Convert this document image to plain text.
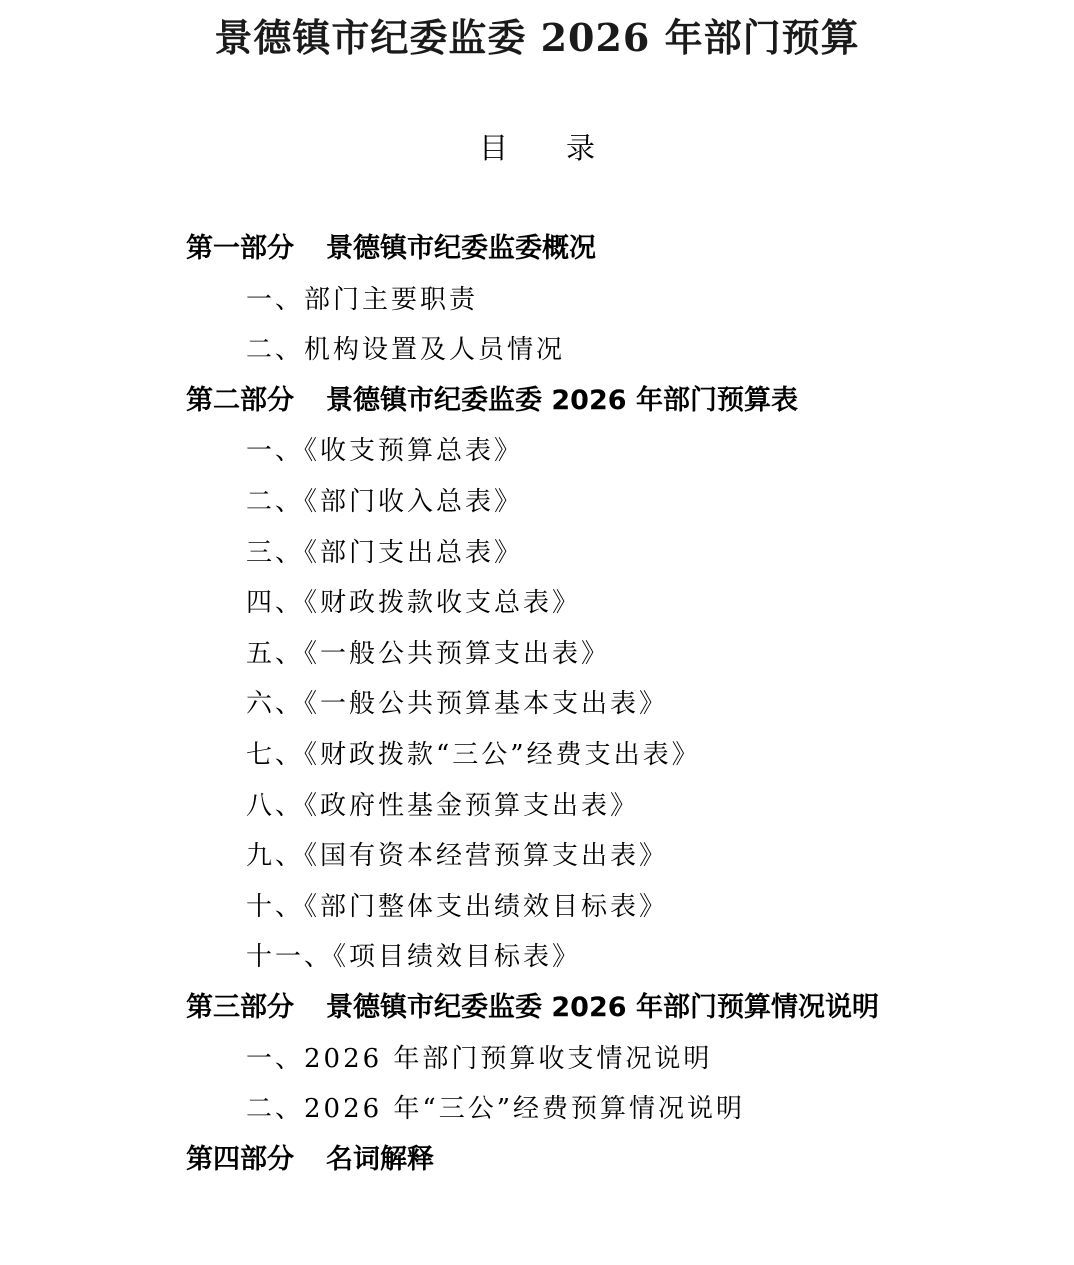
景德镇市纪委监委 2026 年部门预算
目 录
第一部分 景德镇市纪委监委概况
一、部门主要职责
二、机构设置及人员情况
第二部分 景德镇市纪委监委 2026 年部门预算表
一、《收支预算总表》
二、《部门收入总表》
三、《部门支出总表》
四、《财政拨款收支总表》
五、《一般公共预算支出表》
六、《一般公共预算基本支出表》
七、《财政拨款“三公”经费支出表》
八、《政府性基金预算支出表》
九、《国有资本经营预算支出表》
十、《部门整体支出绩效目标表》
十一、《项目绩效目标表》
第三部分 景德镇市纪委监委 2026 年部门预算情况说明
一、2026 年部门预算收支情况说明
二、2026 年“三公”经费预算情况说明
第四部分 名词解释
